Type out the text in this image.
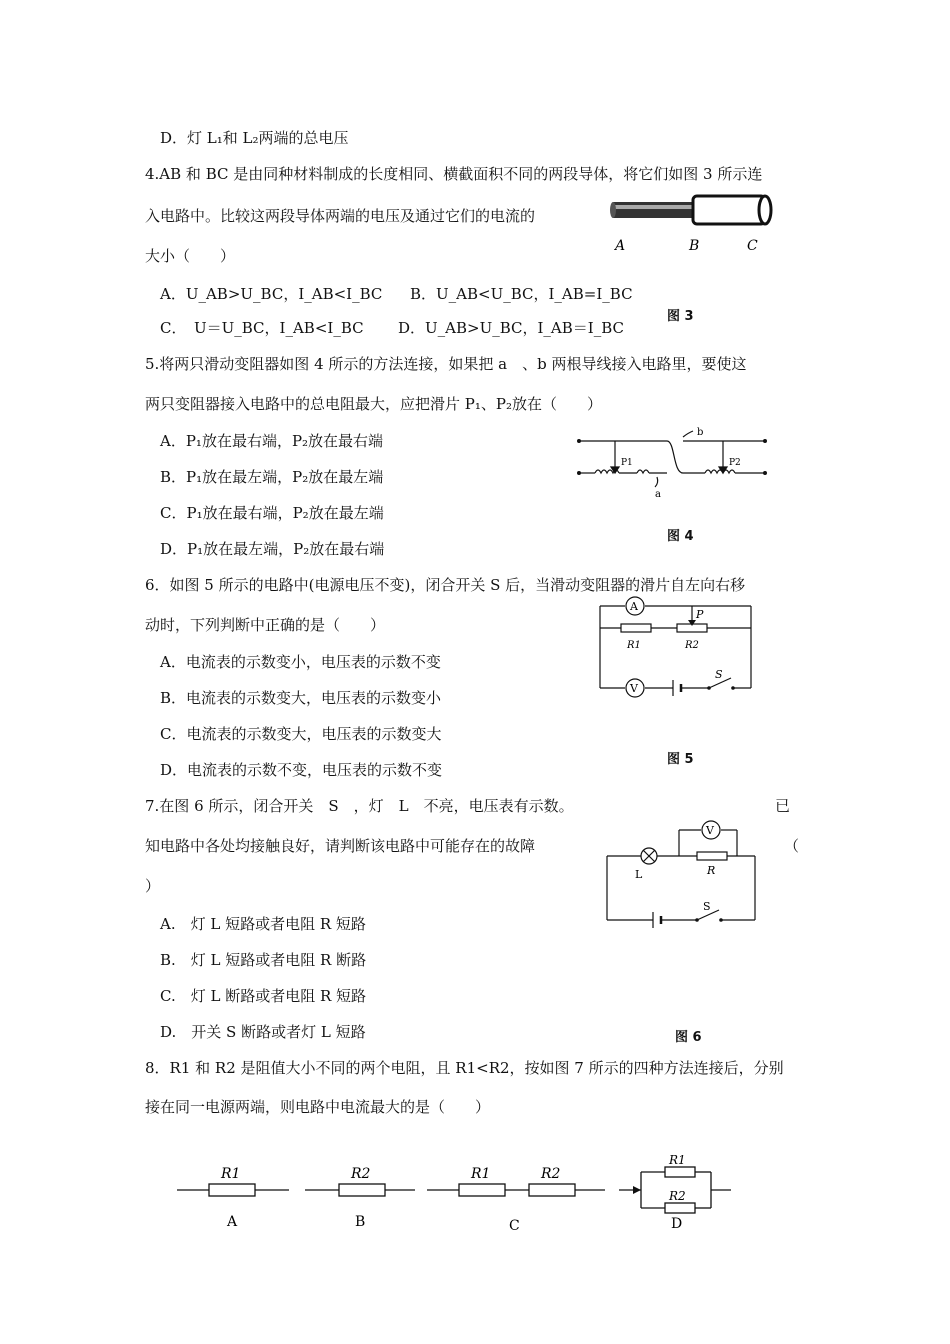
D．灯 L₁和 L₂两端的总电压
4.AB 和 BC 是由同种材料制成的长度相同、横截面积不同的两段导体，将它们如图 3 所示连
入电路中。比较这两段导体两端的电压及通过它们的电流的
大小（　　）
A．U_AB>U_BC，I_AB<I_BC B．U_AB<U_BC，I_AB=I_BC
C．　U＝U_BC，I_AB<I_BC D．U_AB>U_BC，I_AB＝I_BC
A	B	C
图 3
5.将两只滑动变阻器如图 4 所示的方法连接，如果把 a　、b 两根导线接入电路里，要使这
两只变阻器接入电路中的总电阻最大，应把滑片 P₁、P₂放在（　　）
A．P₁放在最右端，P₂放在最右端
B．P₁放在最左端，P₂放在最左端
C．P₁放在最右端，P₂放在最左端
D．P₁放在最左端，P₂放在最右端
a
b
P1	P2
图 4
6．如图 5 所示的电路中(电源电压不变)，闭合开关 S 后，当滑动变阻器的滑片自左向右移
动时，下列判断中正确的是（　　）
A．电流表的示数变小，电压表的示数不变
B．电流表的示数变大，电压表的示数变小
C．电流表的示数变大，电压表的示数变大
D．电流表的示数不变，电压表的示数不变
A
P
R1	R2
V
S
图 5
7.在图 6 所示，闭合开关　S　，灯　L　不亮，电压表有示数。	已
知电路中各处均接触良好，请判断该电路中可能存在的故障	（
）
A.　灯 L 短路或者电阻 R 短路
B.　灯 L 短路或者电阻 R 断路
C.　灯 L 断路或者电阻 R 短路
D.　开关 S 断路或者灯 L 短路
V
L	R
S
图 6
8．R1 和 R2 是阻值大小不同的两个电阻，且 R1<R2，按如图 7 所示的四种方法连接后，分别
接在同一电源两端，则电路中电流最大的是（　　）
R1	R2	R1	R2
R1
R2
A	B	C	D
